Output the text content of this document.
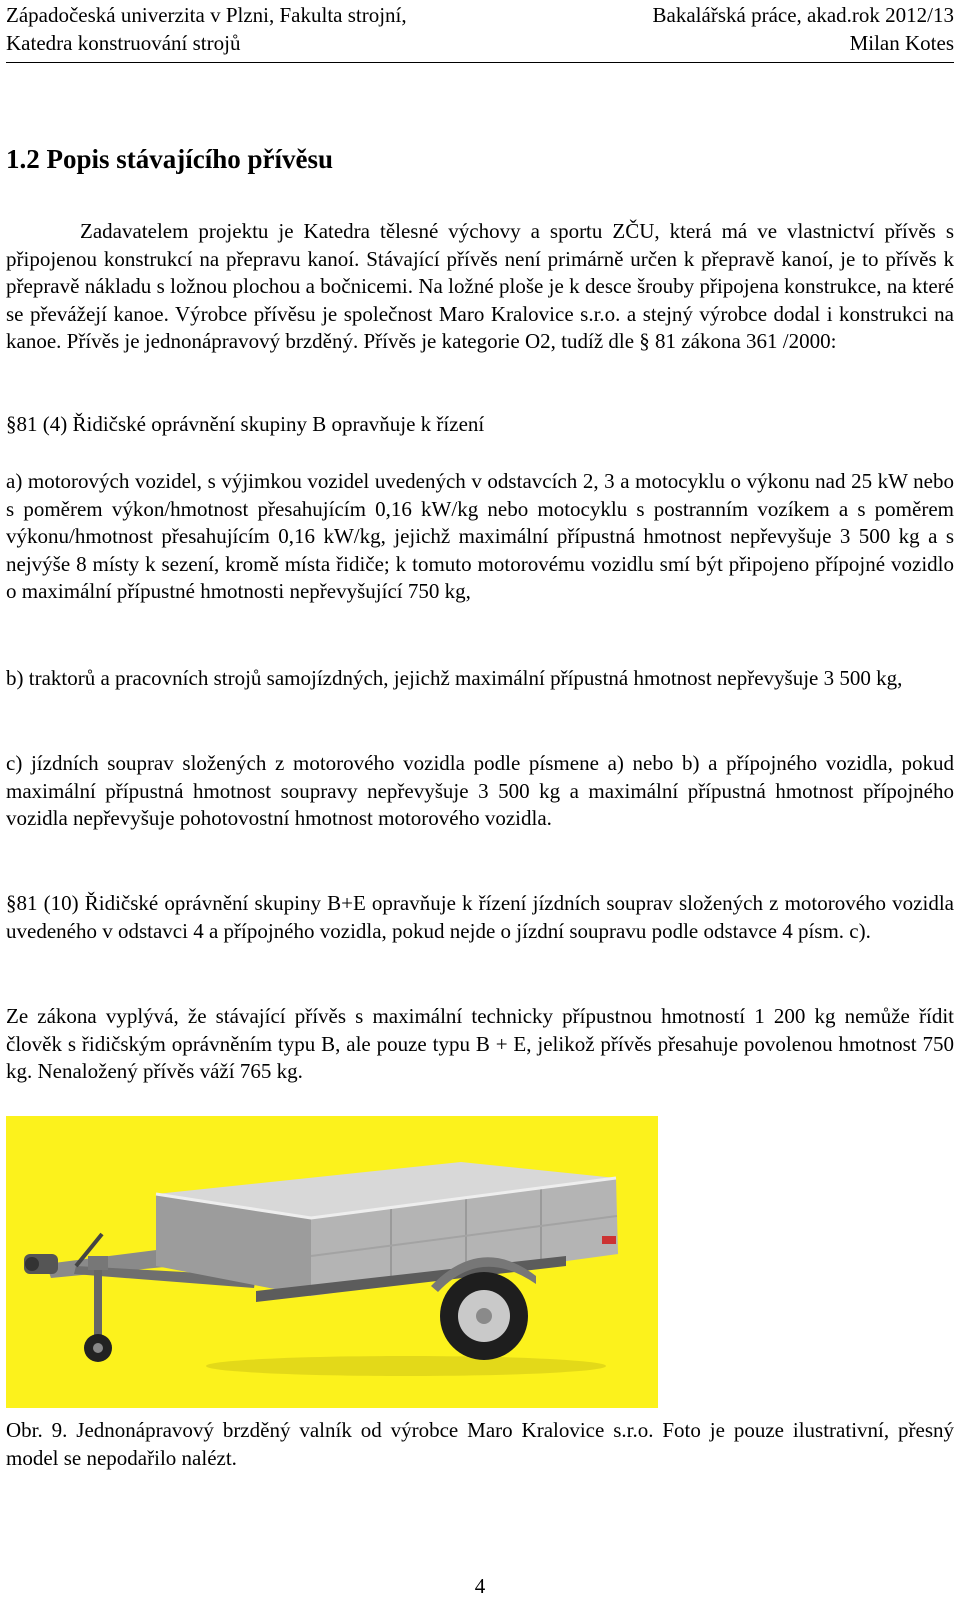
Západočeská univerzita v Plzni, Fakulta strojní,	Bakalářská práce, akad.rok 2012/13
Katedra konstruování strojů	Milan Kotes
1.2 Popis stávajícího přívěsu

Zadavatelem projektu je Katedra tělesné výchovy a sportu ZČU, která má ve vlastnictví přívěs s připojenou konstrukcí na přepravu kanoí. Stávající přívěs není primárně určen k přepravě kanoí, je to přívěs k přepravě nákladu s ložnou plochou a bočnicemi. Na ložné ploše je k desce šrouby připojena konstrukce, na které se převážejí kanoe. Výrobce přívěsu je společnost Maro Kralovice s.r.o. a stejný výrobce dodal i konstrukci na kanoe. Přívěs je jednonápravový brzděný. Přívěs je kategorie O2, tudíž dle § 81 zákona 361 /2000:

§81 (4) Řidičské oprávnění skupiny B opravňuje k řízení

a) motorových vozidel, s výjimkou vozidel uvedených v odstavcích 2, 3 a motocyklu o výkonu nad 25 kW nebo s poměrem výkon/hmotnost přesahujícím 0,16 kW/kg nebo motocyklu s postranním vozíkem a s poměrem výkonu/hmotnost přesahujícím 0,16 kW/kg, jejichž maximální přípustná hmotnost nepřevyšuje 3 500 kg a s nejvýše 8 místy k sezení, kromě místa řidiče; k tomuto motorovému vozidlu smí být připojeno přípojné vozidlo o maximální přípustné hmotnosti nepřevyšující 750 kg,

b) traktorů a pracovních strojů samojízdných, jejichž maximální přípustná hmotnost nepřevyšuje 3 500 kg,

c) jízdních souprav složených z motorového vozidla podle písmene a) nebo b) a přípojného vozidla, pokud maximální přípustná hmotnost soupravy nepřevyšuje 3 500 kg a maximální přípustná hmotnost přípojného vozidla nepřevyšuje pohotovostní hmotnost motorového vozidla.

§81 (10) Řidičské oprávnění skupiny B+E opravňuje k řízení jízdních souprav složených z motorového vozidla uvedeného v odstavci 4 a přípojného vozidla, pokud nejde o jízdní soupravu podle odstavce 4 písm. c).

Ze zákona vyplývá, že stávající přívěs s maximální technicky přípustnou hmotností 1 200 kg nemůže řídit člověk s řidičským oprávněním typu B, ale pouze typu B + E, jelikož přívěs přesahuje povolenou hmotnost 750 kg. Nenaložený přívěs váží 765 kg.

Obr. 9. Jednonápravový brzděný valník od výrobce Maro Kralovice s.r.o. Foto je pouze ilustrativní, přesný model se nepodařilo nalézt.
4
